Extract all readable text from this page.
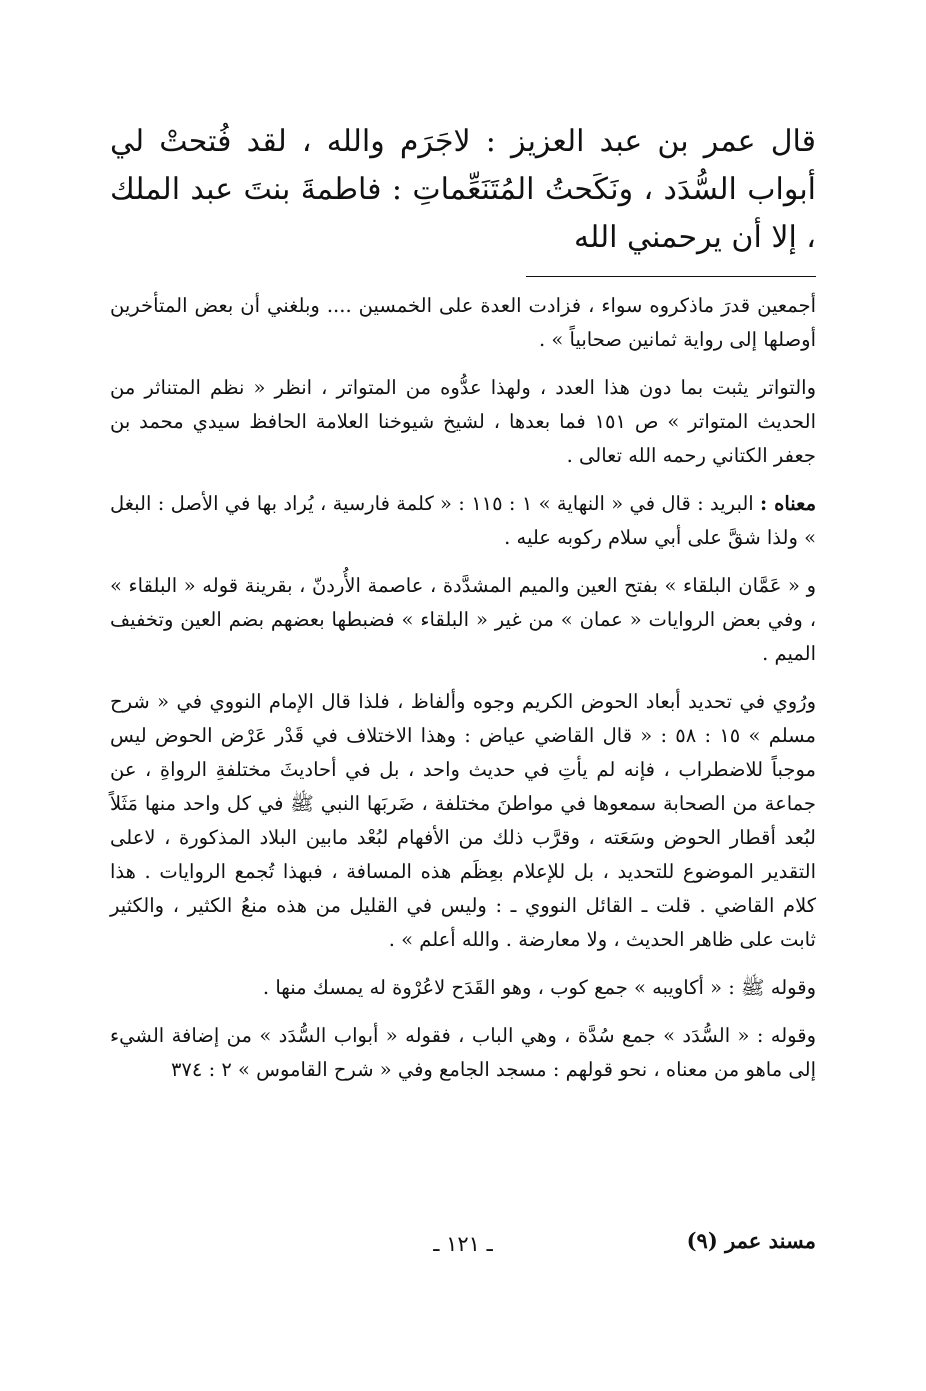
قال عمر بن عبد العزيز : لاجَرَم والله ، لقد فُتحتْ لي أبواب السُّدَد ، ونَكَحتُ المُتَنَعِّماتِ : فاطمةَ بنتَ عبد الملك ، إلا أن يرحمني الله

أجمعين قدرَ ماذكروه سواء ، فزادت العدة على الخمسين .... وبلغني أن بعض المتأخرين أوصلها إلى رواية ثمانين صحابياً » .

والتواتر يثبت بما دون هذا العدد ، ولهذا عدُّوه من المتواتر ، انظر « نظم المتناثر من الحديث المتواتر » ص ١٥١ فما بعدها ، لشيخ شيوخنا العلامة الحافظ سيدي محمد بن جعفر الكتاني رحمه الله تعالى .

معناه : البريد : قال في « النهاية » ١ : ١١٥ : « كلمة فارسية ، يُراد بها في الأصل : البغل » ولذا شقَّ على أبي سلام ركوبه عليه .

و « عَمَّان البلقاء » بفتح العين والميم المشدَّدة ، عاصمة الأُردنّ ، بقرينة قوله « البلقاء » ، وفي بعض الروايات « عمان » من غير « البلقاء » فضبطها بعضهم بضم العين وتخفيف الميم .

ورُوي في تحديد أبعاد الحوض الكريم وجوه وألفاظ ، فلذا قال الإمام النووي في « شرح مسلم » ١٥ : ٥٨ : « قال القاضي عياض : وهذا الاختلاف في قَدْر عَرْض الحوض ليس موجباً للاضطراب ، فإنه لم يأتِ في حديث واحد ، بل في أحاديثَ مختلفةِ الرواةِ ، عن جماعة من الصحابة سمعوها في مواطنَ مختلفة ، ضَربَها النبي ﷺ في كل واحد منها مَثَلاً لبُعد أقطار الحوض وسَعَته ، وقرَّب ذلك من الأفهام لبُعْد مابين البلاد المذكورة ، لاعلى التقدير الموضوع للتحديد ، بل للإعلام بعِظَم هذه المسافة ، فبهذا تُجمع الروايات . هذا كلام القاضي . قلت ـ القائل النووي ـ : وليس في القليل من هذه منعُ الكثير ، والكثير ثابت على ظاهر الحديث ، ولا معارضة . والله أعلم » .

وقوله ﷺ : « أكاويبه » جمع كوب ، وهو القَدَح لاعُرْوة له يمسك منها .

وقوله : « السُّدَد » جمع سُدَّة ، وهي الباب ، فقوله « أبواب السُّدَد » من إضافة الشيء إلى ماهو من معناه ، نحو قولهم : مسجد الجامع وفي « شرح القاموس » ٢ : ٣٧٤

مسند عمر (٩)
ـ ١٢١ ـ
